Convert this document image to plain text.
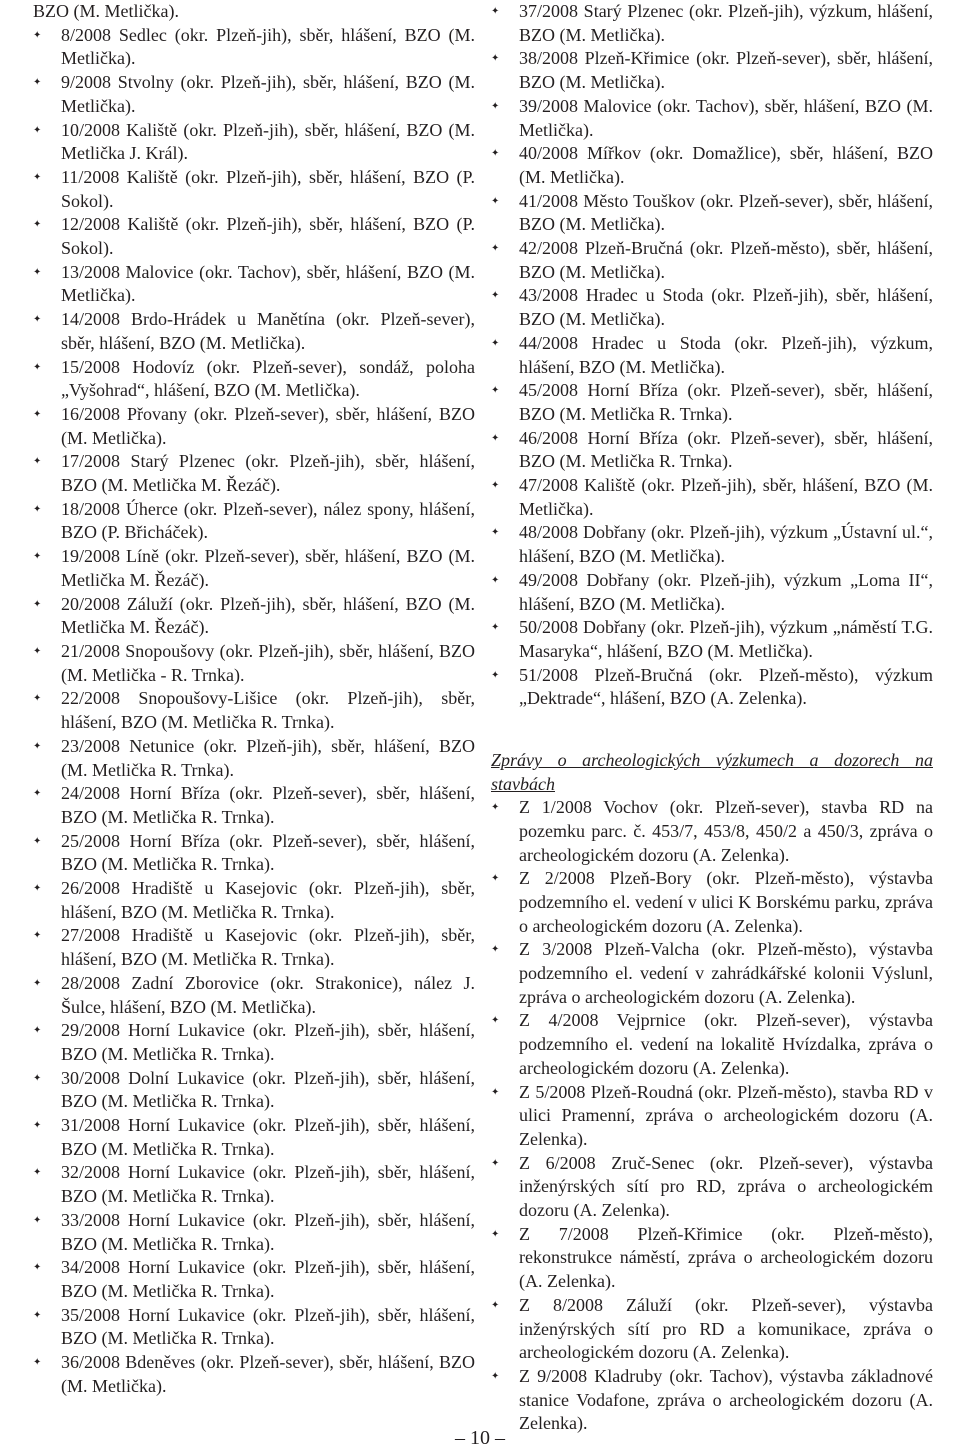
BZO (M. Metlička).
✦ 8/2008 Sedlec (okr. Plzeň-jih), sběr, hlášení, BZO (M. Metlička).
✦ 9/2008 Stvolny (okr. Plzeň-jih), sběr, hlášení, BZO (M. Metlička).
✦ 10/2008 Kaliště (okr. Plzeň-jih), sběr, hlášení, BZO (M. Metlička J. Král).
✦ 11/2008 Kaliště (okr. Plzeň-jih), sběr, hlášení, BZO (P. Sokol).
✦ 12/2008 Kaliště (okr. Plzeň-jih), sběr, hlášení, BZO (P. Sokol).
✦ 13/2008 Malovice (okr. Tachov), sběr, hlášení, BZO (M. Metlička).
✦ 14/2008 Brdo-Hrádek u Manětína (okr. Plzeň-sever), sběr, hlášení, BZO (M. Metlička).
✦ 15/2008 Hodovíz (okr. Plzeň-sever), sondáž, poloha „Vyšohrad“, hlášení, BZO (M. Metlička).
✦ 16/2008 Přovany (okr. Plzeň-sever), sběr, hlášení, BZO (M. Metlička).
✦ 17/2008 Starý Plzenec (okr. Plzeň-jih), sběr, hlášení, BZO (M. Metlička M. Řezáč).
✦ 18/2008 Úherce (okr. Plzeň-sever), nález spony, hlášení, BZO (P. Břicháček).
✦ 19/2008 Líně (okr. Plzeň-sever), sběr, hlášení, BZO (M. Metlička M. Řezáč).
✦ 20/2008 Záluží (okr. Plzeň-jih), sběr, hlášení, BZO (M. Metlička M. Řezáč).
✦ 21/2008 Snopoušovy (okr. Plzeň-jih), sběr, hlášení, BZO (M. Metlička - R. Trnka).
✦ 22/2008 Snopoušovy-Lišice (okr. Plzeň-jih), sběr, hlášení, BZO (M. Metlička R. Trnka).
✦ 23/2008 Netunice (okr. Plzeň-jih), sběr, hlášení, BZO (M. Metlička R. Trnka).
✦ 24/2008 Horní Bříza (okr. Plzeň-sever), sběr, hlášení, BZO (M. Metlička R. Trnka).
✦ 25/2008 Horní Bříza (okr. Plzeň-sever), sběr, hlášení, BZO (M. Metlička R. Trnka).
✦ 26/2008 Hradiště u Kasejovic (okr. Plzeň-jih), sběr, hlášení, BZO (M. Metlička R. Trnka).
✦ 27/2008 Hradiště u Kasejovic (okr. Plzeň-jih), sběr, hlášení, BZO (M. Metlička R. Trnka).
✦ 28/2008 Zadní Zborovice (okr. Strakonice), nález J. Šulce, hlášení, BZO (M. Metlička).
✦ 29/2008 Horní Lukavice (okr. Plzeň-jih), sběr, hlášení, BZO (M. Metlička R. Trnka).
✦ 30/2008 Dolní Lukavice (okr. Plzeň-jih), sběr, hlášení, BZO (M. Metlička R. Trnka).
✦ 31/2008 Horní Lukavice (okr. Plzeň-jih), sběr, hlášení, BZO (M. Metlička R. Trnka).
✦ 32/2008 Horní Lukavice (okr. Plzeň-jih), sběr, hlášení, BZO (M. Metlička R. Trnka).
✦ 33/2008 Horní Lukavice (okr. Plzeň-jih), sběr, hlášení, BZO (M. Metlička R. Trnka).
✦ 34/2008 Horní Lukavice (okr. Plzeň-jih), sběr, hlášení, BZO (M. Metlička R. Trnka).
✦ 35/2008 Horní Lukavice (okr. Plzeň-jih), sběr, hlášení, BZO (M. Metlička R. Trnka).
✦ 36/2008 Bdeněves (okr. Plzeň-sever), sběr, hlášení, BZO (M. Metlička).
✦ 37/2008 Starý Plzenec (okr. Plzeň-jih), výzkum, hlášení, BZO (M. Metlička).
✦ 38/2008 Plzeň-Křimice (okr. Plzeň-sever), sběr, hlášení, BZO (M. Metlička).
✦ 39/2008 Malovice (okr. Tachov), sběr, hlášení, BZO (M. Metlička).
✦ 40/2008 Mířkov (okr. Domažlice), sběr, hlášení, BZO (M. Metlička).
✦ 41/2008 Město Touškov (okr. Plzeň-sever), sběr, hlášení, BZO (M. Metlička).
✦ 42/2008 Plzeň-Bručná (okr. Plzeň-město), sběr, hlášení, BZO (M. Metlička).
✦ 43/2008 Hradec u Stoda (okr. Plzeň-jih), sběr, hlášení, BZO (M. Metlička).
✦ 44/2008 Hradec u Stoda (okr. Plzeň-jih), výzkum, hlášení, BZO (M. Metlička).
✦ 45/2008 Horní Bříza (okr. Plzeň-sever), sběr, hlášení, BZO (M. Metlička R. Trnka).
✦ 46/2008 Horní Bříza (okr. Plzeň-sever), sběr, hlášení, BZO (M. Metlička R. Trnka).
✦ 47/2008 Kaliště (okr. Plzeň-jih), sběr, hlášení, BZO (M. Metlička).
✦ 48/2008 Dobřany (okr. Plzeň-jih), výzkum „Ústavní ul.“, hlášení, BZO (M. Metlička).
✦ 49/2008 Dobřany (okr. Plzeň-jih), výzkum „Loma II“, hlášení, BZO (M. Metlička).
✦ 50/2008 Dobřany (okr. Plzeň-jih), výzkum „náměstí T.G. Masaryka“, hlášení, BZO (M. Metlička).
✦ 51/2008 Plzeň-Bručná (okr. Plzeň-město), výzkum „Dektrade“, hlášení, BZO (A. Zelenka).

Zprávy o archeologických výzkumech a dozorech na stavbách

✦ Z 1/2008 Vochov (okr. Plzeň-sever), stavba RD na pozemku parc. č. 453/7, 453/8, 450/2 a 450/3, zpráva o archeologickém dozoru (A. Zelenka).
✦ Z 2/2008 Plzeň-Bory (okr. Plzeň-město), výstavba podzemního el. vedení v ulici K Borskému parku, zpráva o archeologickém dozoru (A. Zelenka).
✦ Z 3/2008 Plzeň-Valcha (okr. Plzeň-město), výstavba podzemního el. vedení v zahrádkářské kolonii Výslunl, zpráva o archeologickém dozoru (A. Zelenka).
✦ Z 4/2008 Vejprnice (okr. Plzeň-sever), výstavba podzemního el. vedení na lokalitě Hvízdalka, zpráva o archeologickém dozoru (A. Zelenka).
✦ Z 5/2008 Plzeň-Roudná (okr. Plzeň-město), stavba RD v ulici Pramenní, zpráva o archeologickém dozoru (A. Zelenka).
✦ Z 6/2008 Zruč-Senec (okr. Plzeň-sever), výstavba inženýrských sítí pro RD, zpráva o archeologickém dozoru (A. Zelenka).
✦ Z 7/2008 Plzeň-Křimice (okr. Plzeň-město), rekonstrukce náměstí, zpráva o archeologickém dozoru (A. Zelenka).
✦ Z 8/2008 Záluží (okr. Plzeň-sever), výstavba inženýrských sítí pro RD a komunikace, zpráva o archeologickém dozoru (A. Zelenka).
✦ Z 9/2008 Kladruby (okr. Tachov), výstavba základnové stanice Vodafone, zpráva o archeologickém dozoru (A. Zelenka).
– 10 –
